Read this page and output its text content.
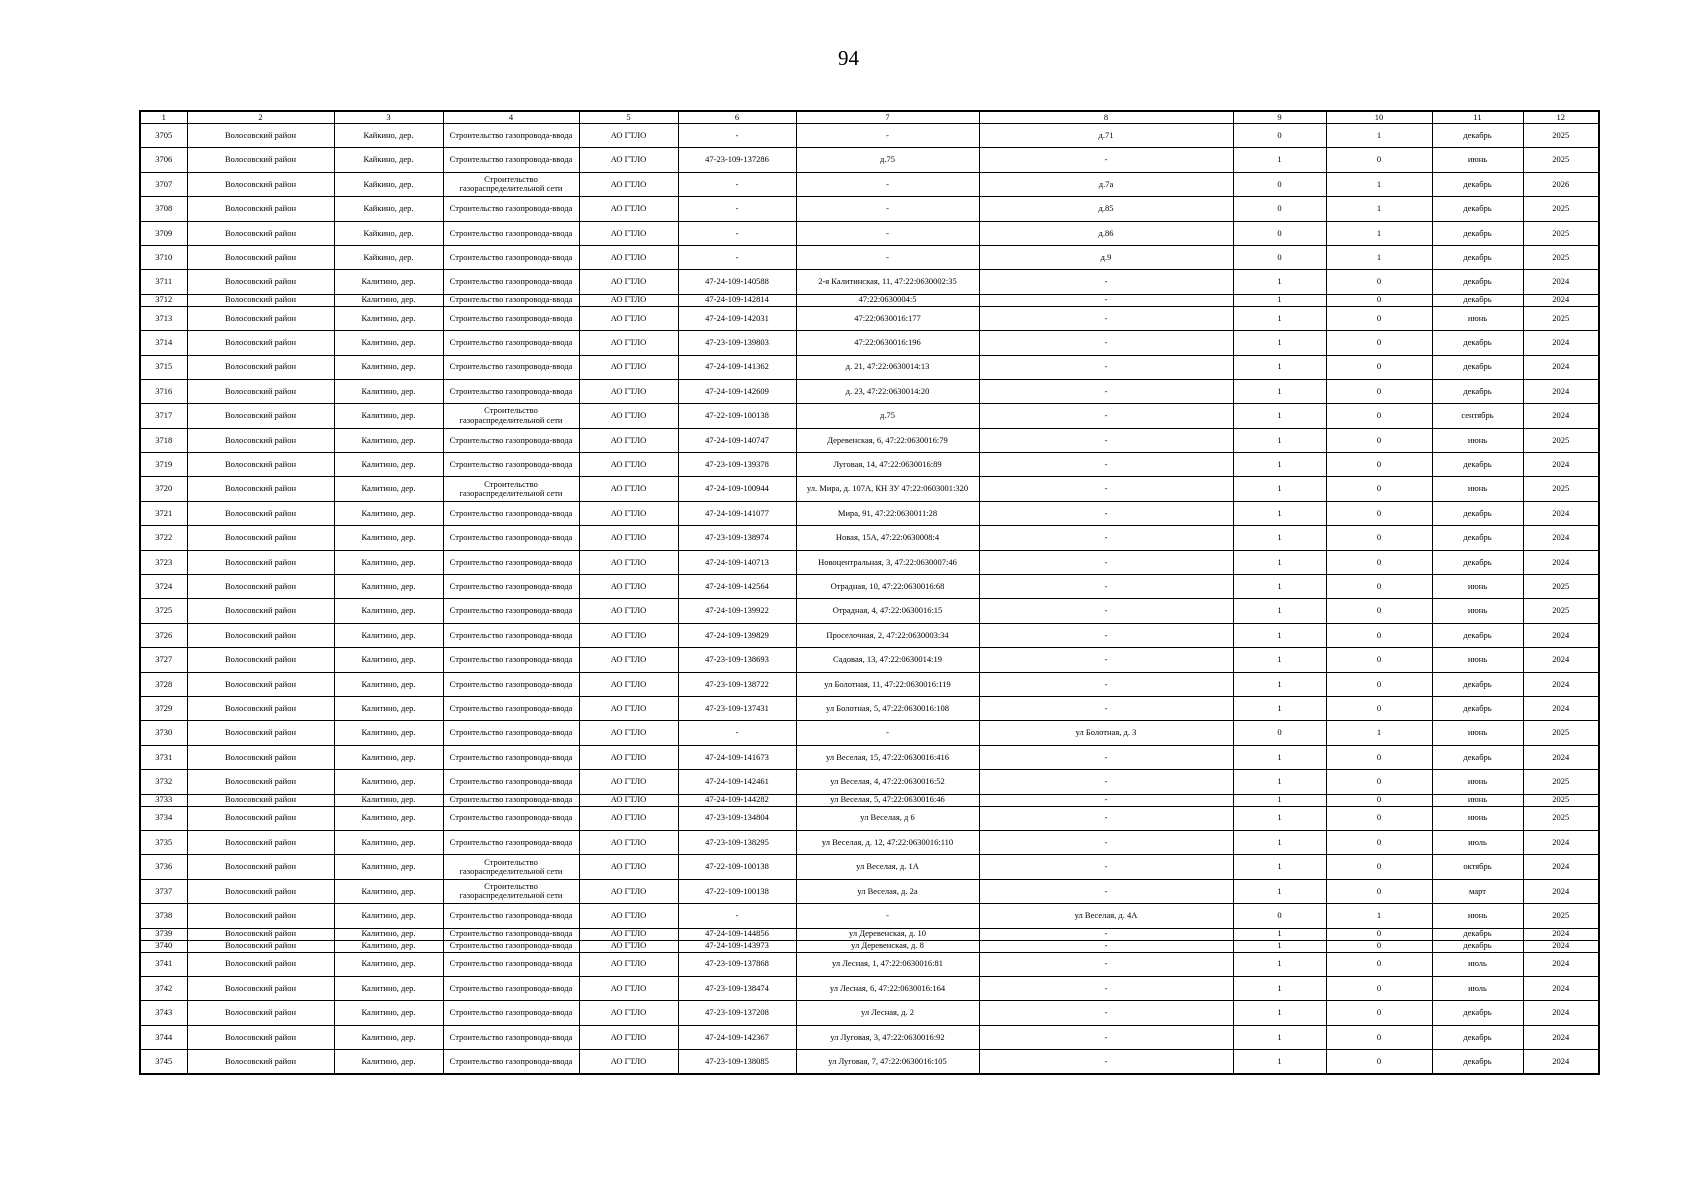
94
1	2	3	4	5	6	7	8	9	10	11	12
3705	Волосовский район	Кайкино, дер.	Строительство газопровода-ввода	АО ГТЛО	-	-	д.71	0	1	декабрь	2025
3706	Волосовский район	Кайкино, дер.	Строительство газопровода-ввода	АО ГТЛО	47-23-109-137286	д.75	-	1	0	июнь	2025
3707	Волосовский район	Кайкино, дер.	Строительство газораспределительной сети	АО ГТЛО	-	-	д.7а	0	1	декабрь	2026
3708	Волосовский район	Кайкино, дер.	Строительство газопровода-ввода	АО ГТЛО	-	-	д.85	0	1	декабрь	2025
3709	Волосовский район	Кайкино, дер.	Строительство газопровода-ввода	АО ГТЛО	-	-	д.86	0	1	декабрь	2025
3710	Волосовский район	Кайкино, дер.	Строительство газопровода-ввода	АО ГТЛО	-	-	д.9	0	1	декабрь	2025
3711	Волосовский район	Калитино, дер.	Строительство газопровода-ввода	АО ГТЛО	47-24-109-140588	2-я Калитинская, 11, 47:22:0630002:35	-	1	0	декабрь	2024
3712	Волосовский район	Калитино, дер.	Строительство газопровода-ввода	АО ГТЛО	47-24-109-142814	47:22:0630004:5	-	1	0	декабрь	2024
3713	Волосовский район	Калитино, дер.	Строительство газопровода-ввода	АО ГТЛО	47-24-109-142031	47:22:0630016:177	-	1	0	июнь	2025
3714	Волосовский район	Калитино, дер.	Строительство газопровода-ввода	АО ГТЛО	47-23-109-139803	47:22:0630016:196	-	1	0	декабрь	2024
3715	Волосовский район	Калитино, дер.	Строительство газопровода-ввода	АО ГТЛО	47-24-109-141362	д. 21, 47:22:0630014:13	-	1	0	декабрь	2024
3716	Волосовский район	Калитино, дер.	Строительство газопровода-ввода	АО ГТЛО	47-24-109-142609	д. 23, 47:22:0630014:20	-	1	0	декабрь	2024
3717	Волосовский район	Калитино, дер.	Строительство газораспределительной сети	АО ГТЛО	47-22-109-100138	д.75	-	1	0	сентябрь	2024
3718	Волосовский район	Калитино, дер.	Строительство газопровода-ввода	АО ГТЛО	47-24-109-140747	Деревенская, 6, 47:22:0630016:79	-	1	0	июнь	2025
3719	Волосовский район	Калитино, дер.	Строительство газопровода-ввода	АО ГТЛО	47-23-109-139378	Луговая, 14, 47:22:0630016:89	-	1	0	декабрь	2024
3720	Волосовский район	Калитино, дер.	Строительство газораспределительной сети	АО ГТЛО	47-24-109-100944	ул. Мира, д. 107А, КН ЗУ 47:22:0603001:320	-	1	0	июнь	2025
3721	Волосовский район	Калитино, дер.	Строительство газопровода-ввода	АО ГТЛО	47-24-109-141077	Мира, 91, 47:22:0630011:28	-	1	0	декабрь	2024
3722	Волосовский район	Калитино, дер.	Строительство газопровода-ввода	АО ГТЛО	47-23-109-138974	Новая, 15А, 47:22:0630008:4	-	1	0	декабрь	2024
3723	Волосовский район	Калитино, дер.	Строительство газопровода-ввода	АО ГТЛО	47-24-109-140713	Новоцентральная, 3, 47:22:0630007:46	-	1	0	декабрь	2024
3724	Волосовский район	Калитино, дер.	Строительство газопровода-ввода	АО ГТЛО	47-24-109-142564	Отрадная, 10, 47:22:0630016:68	-	1	0	июнь	2025
3725	Волосовский район	Калитино, дер.	Строительство газопровода-ввода	АО ГТЛО	47-24-109-139922	Отрадная, 4, 47:22:0630016:15	-	1	0	июнь	2025
3726	Волосовский район	Калитино, дер.	Строительство газопровода-ввода	АО ГТЛО	47-24-109-139829	Проселочная, 2, 47:22:0630003:34	-	1	0	декабрь	2024
3727	Волосовский район	Калитино, дер.	Строительство газопровода-ввода	АО ГТЛО	47-23-109-138693	Садовая, 13, 47:22:0630014:19	-	1	0	июнь	2024
3728	Волосовский район	Калитино, дер.	Строительство газопровода-ввода	АО ГТЛО	47-23-109-138722	ул Болотная, 11, 47:22:0630016:119	-	1	0	декабрь	2024
3729	Волосовский район	Калитино, дер.	Строительство газопровода-ввода	АО ГТЛО	47-23-109-137431	ул Болотная, 5, 47:22:0630016:108	-	1	0	декабрь	2024
3730	Волосовский район	Калитино, дер.	Строительство газопровода-ввода	АО ГТЛО	-	-	ул Болотная, д. 3	0	1	июнь	2025
3731	Волосовский район	Калитино, дер.	Строительство газопровода-ввода	АО ГТЛО	47-24-109-141673	ул Веселая, 15, 47:22:0630016:416	-	1	0	декабрь	2024
3732	Волосовский район	Калитино, дер.	Строительство газопровода-ввода	АО ГТЛО	47-24-109-142461	ул Веселая, 4, 47:22:0630016:52	-	1	0	июнь	2025
3733	Волосовский район	Калитино, дер.	Строительство газопровода-ввода	АО ГТЛО	47-24-109-144282	ул Веселая, 5, 47:22:0630016:46	-	1	0	июнь	2025
3734	Волосовский район	Калитино, дер.	Строительство газопровода-ввода	АО ГТЛО	47-23-109-134804	ул Веселая, д 6	-	1	0	июнь	2025
3735	Волосовский район	Калитино, дер.	Строительство газопровода-ввода	АО ГТЛО	47-23-109-138295	ул Веселая, д. 12, 47:22:0630016:110	-	1	0	июль	2024
3736	Волосовский район	Калитино, дер.	Строительство газораспределительной сети	АО ГТЛО	47-22-109-100138	ул Веселая, д. 1А	-	1	0	октябрь	2024
3737	Волосовский район	Калитино, дер.	Строительство газораспределительной сети	АО ГТЛО	47-22-109-100138	ул Веселая, д. 2а	-	1	0	март	2024
3738	Волосовский район	Калитино, дер.	Строительство газопровода-ввода	АО ГТЛО	-	-	ул Веселая, д. 4А	0	1	июнь	2025
3739	Волосовский район	Калитино, дер.	Строительство газопровода-ввода	АО ГТЛО	47-24-109-144856	ул Деревенская, д. 10	-	1	0	декабрь	2024
3740	Волосовский район	Калитино, дер.	Строительство газопровода-ввода	АО ГТЛО	47-24-109-143973	ул Деревенская, д. 8	-	1	0	декабрь	2024
3741	Волосовский район	Калитино, дер.	Строительство газопровода-ввода	АО ГТЛО	47-23-109-137868	ул Лесная, 1, 47:22:0630016:81	-	1	0	июль	2024
3742	Волосовский район	Калитино, дер.	Строительство газопровода-ввода	АО ГТЛО	47-23-109-138474	ул Лесная, 6, 47:22:0630016:164	-	1	0	июль	2024
3743	Волосовский район	Калитино, дер.	Строительство газопровода-ввода	АО ГТЛО	47-23-109-137208	ул Лесная, д. 2	-	1	0	декабрь	2024
3744	Волосовский район	Калитино, дер.	Строительство газопровода-ввода	АО ГТЛО	47-24-109-142367	ул Луговая, 3, 47:22:0630016:92	-	1	0	декабрь	2024
3745	Волосовский район	Калитино, дер.	Строительство газопровода-ввода	АО ГТЛО	47-23-109-138085	ул Луговая, 7, 47:22:0630016:105	-	1	0	декабрь	2024
